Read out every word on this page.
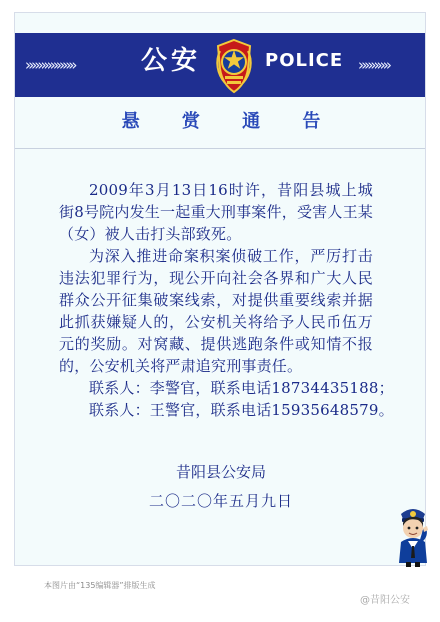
»»»»»»»»	公安	POLICE »»»»»
悬 赏 通 告

2009年3月13日16时许，昔阳县城上城街8号院内发生一起重大刑事案件，受害人王某（女）被人击打头部致死。

为深入推进命案积案侦破工作，严厉打击违法犯罪行为，现公开向社会各界和广大人民群众公开征集破案线索，对提供重要线索并据此抓获嫌疑人的，公安机关将给予人民币伍万元的奖励。对窝藏、提供逃跑条件或知情不报的，公安机关将严肃追究刑事责任。

联系人：李警官，联系电话18734435188；

联系人：王警官，联系电话15935648579。

昔阳县公安局
二〇二〇年五月九日
本图片由“135编辑器”排版生成
@昔阳公安
